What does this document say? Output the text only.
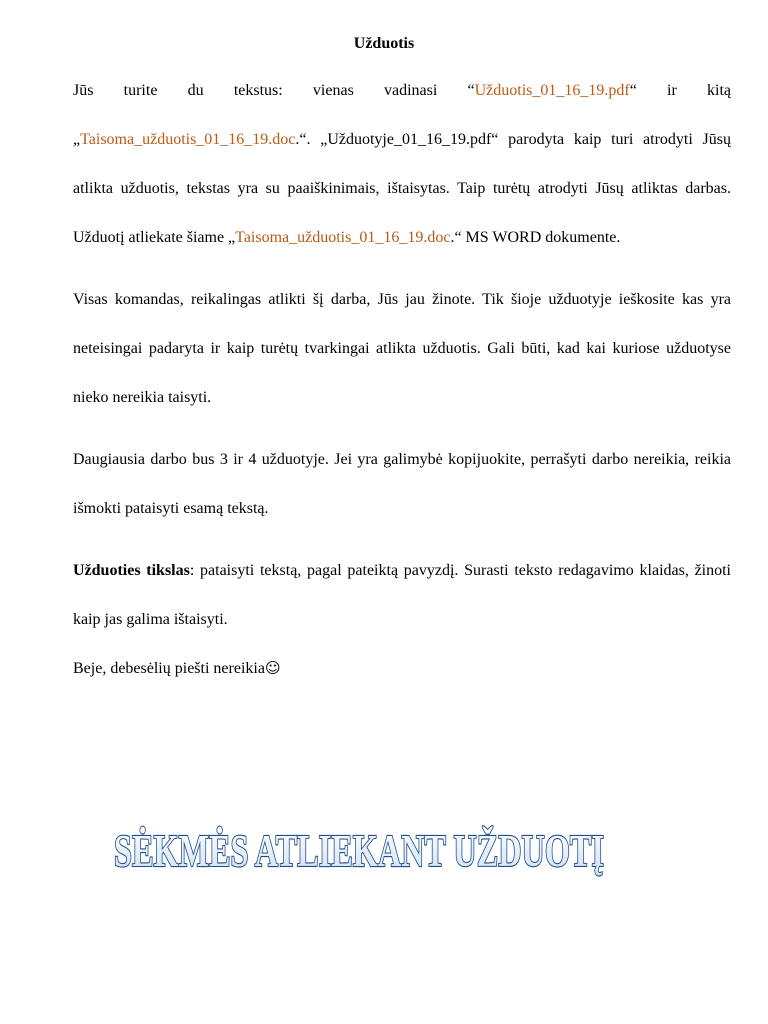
Užduotis

Jūs turite du tekstus: vienas vadinasi “Užduotis_01_16_19.pdf“ ir kitą „Taisoma_užduotis_01_16_19.doc.“. „Užduotyje_01_16_19.pdf“ parodyta kaip turi atrodyti Jūsų atlikta užduotis, tekstas yra su paaiškinimais, ištaisytas. Taip turėtų atrodyti Jūsų atliktas darbas. Užduotį atliekate šiame „Taisoma_užduotis_01_16_19.doc.“ MS WORD dokumente.

Visas komandas, reikalingas atlikti šį darba, Jūs jau žinote. Tik šioje užduotyje ieškosite kas yra neteisingai padaryta ir kaip turėtų tvarkingai atlikta užduotis. Gali būti, kad kai kuriose užduotyse nieko nereikia taisyti.

Daugiausia darbo bus 3 ir 4 užduotyje. Jei yra galimybė kopijuokite, perrašyti darbo nereikia, reikia išmokti pataisyti esamą tekstą.

Užduoties tikslas: pataisyti tekstą, pagal pateiktą pavyzdį. Surasti teksto redagavimo klaidas, žinoti kaip jas galima ištaisyti.

Beje, debesėlių piešti nereikia☺

SĖKMĖS ATLIEKANT UŽDUOTĮ
